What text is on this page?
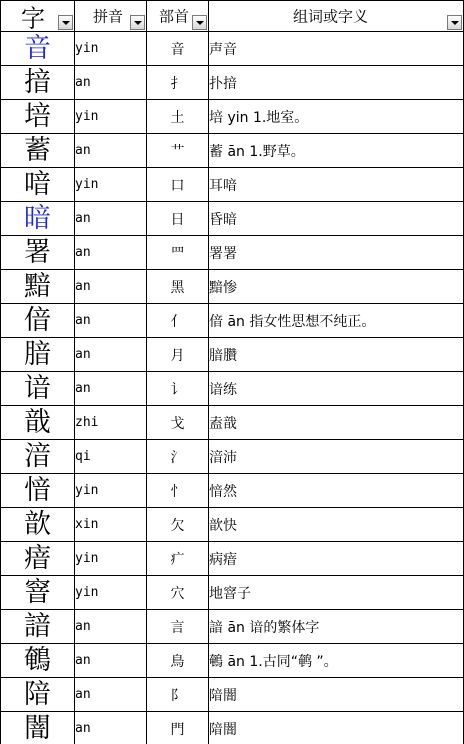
字	拼音	部首	组词或字义

音	yin	音	声音
揞	an	扌	扑揞
培	yin	土	培 yin 1.地室。
蓄	an	艹	蓄 ān 1.野草。
喑	yin	口	耳喑
暗	an	日	昏暗
署	an	罒	署署
黯	an	黑	黯惨
偣	an	亻	偣 ān 指女性思想不纯正。
腤	an	月	腤臢
谙	an	讠	谙练
戠	zhi	戈	盍戠
湆	qi	氵	湆沛
愔	yin	忄	愔然
歆	xin	欠	歆快
瘖	yin	疒	病瘖
窨	yin	穴	地窨子
諳	an	言	諳 ān 谙的繁体字
鵪	an	鳥	鵪 ān 1.古同“鹌 ”。
隌	an	阝	隌闇
闇	an	門	隌闇
